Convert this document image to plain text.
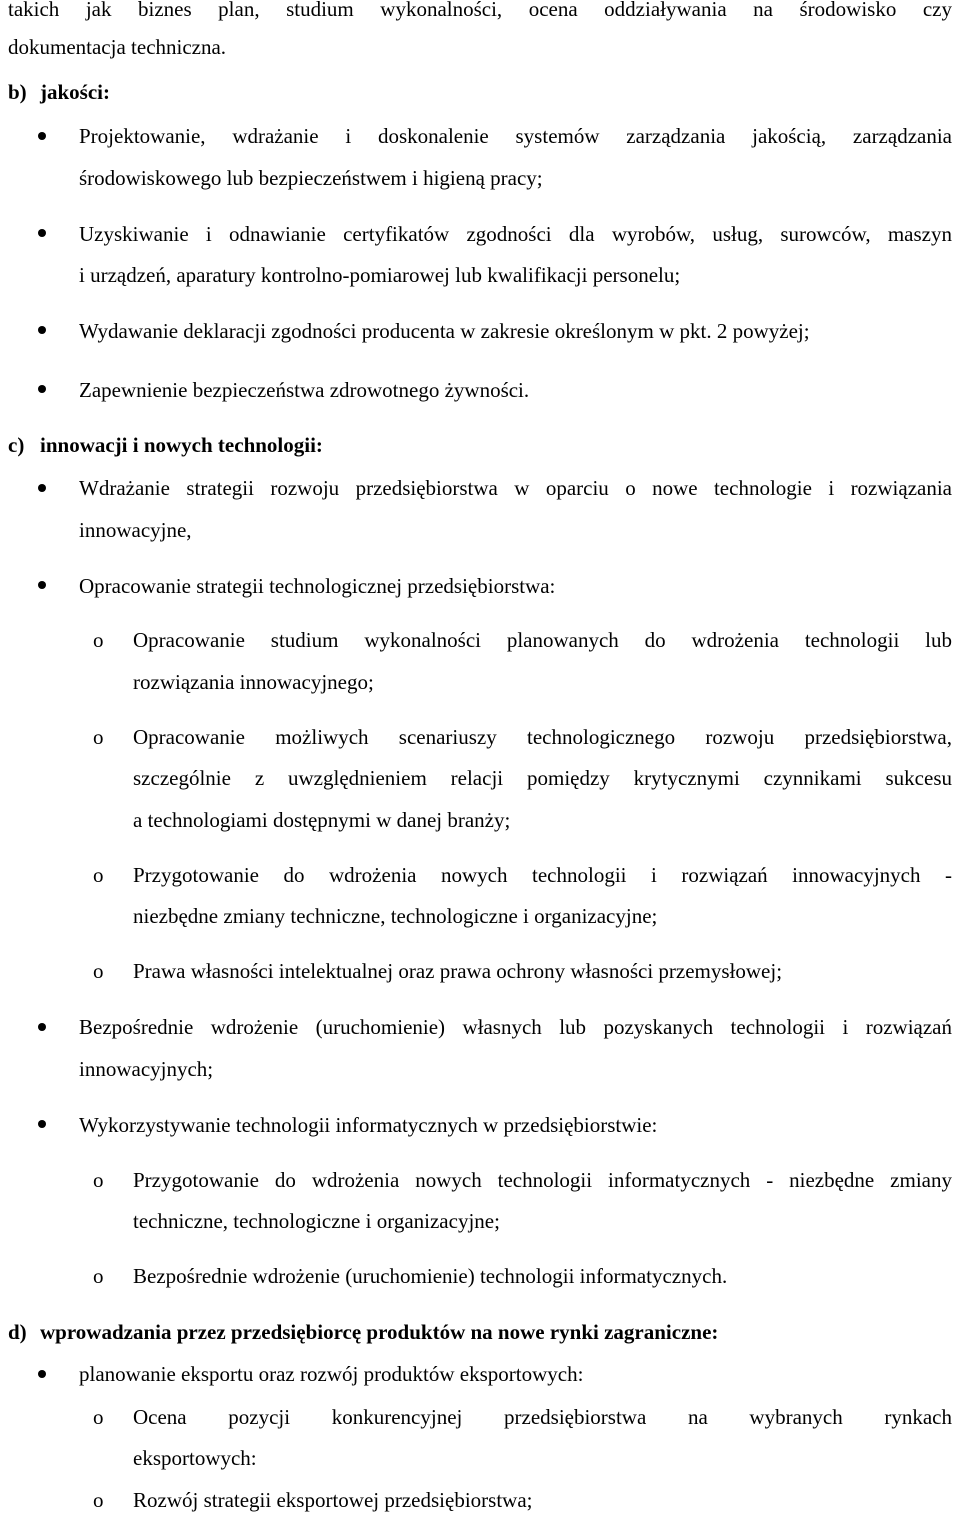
takich jak biznes plan, studium wykonalności, ocena oddziaływania na środowisko czy
dokumentacja techniczna.
b) jakości:
Projektowanie, wdrażanie i doskonalenie systemów zarządzania jakością, zarządzania
środowiskowego lub bezpieczeństwem i higieną pracy;
Uzyskiwanie i odnawianie certyfikatów zgodności dla wyrobów, usług, surowców, maszyn
i urządzeń, aparatury kontrolno-pomiarowej lub kwalifikacji personelu;
Wydawanie deklaracji zgodności producenta w zakresie określonym w pkt. 2 powyżej;
Zapewnienie bezpieczeństwa zdrowotnego żywności.
c) innowacji i nowych technologii:
Wdrażanie strategii rozwoju przedsiębiorstwa w oparciu o nowe technologie i rozwiązania
innowacyjne,
Opracowanie strategii technologicznej przedsiębiorstwa:
o Opracowanie studium wykonalności planowanych do wdrożenia technologii lub
rozwiązania innowacyjnego;
o Opracowanie możliwych scenariuszy technologicznego rozwoju przedsiębiorstwa,
szczególnie z uwzględnieniem relacji pomiędzy krytycznymi czynnikami sukcesu
a technologiami dostępnymi w danej branży;
o Przygotowanie do wdrożenia nowych technologii i rozwiązań innowacyjnych -
niezbędne zmiany techniczne, technologiczne i organizacyjne;
o Prawa własności intelektualnej oraz prawa ochrony własności przemysłowej;
Bezpośrednie wdrożenie (uruchomienie) własnych lub pozyskanych technologii i rozwiązań
innowacyjnych;
Wykorzystywanie technologii informatycznych w przedsiębiorstwie:
o Przygotowanie do wdrożenia nowych technologii informatycznych - niezbędne zmiany
techniczne, technologiczne i organizacyjne;
o Bezpośrednie wdrożenie (uruchomienie) technologii informatycznych.
d) wprowadzania przez przedsiębiorcę produktów na nowe rynki zagraniczne:
planowanie eksportu oraz rozwój produktów eksportowych:
o Ocena pozycji konkurencyjnej przedsiębiorstwa na wybranych rynkach
eksportowych:
o Rozwój strategii eksportowej przedsiębiorstwa;
